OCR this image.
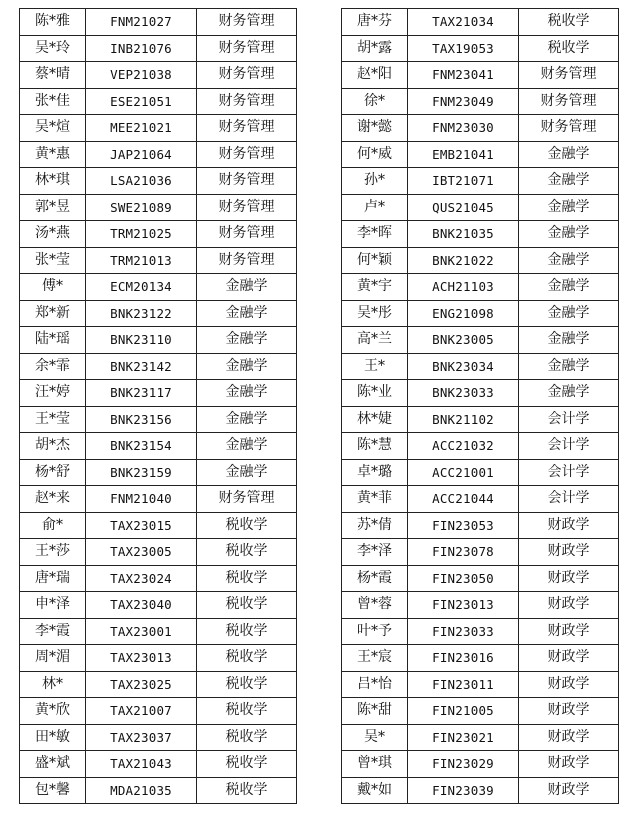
陈*雅	FNM21027	财务管理
吴*玲	INB21076	财务管理
蔡*晴	VEP21038	财务管理
张*佳	ESE21051	财务管理
吴*煊	MEE21021	财务管理
黄*惠	JAP21064	财务管理
林*琪	LSA21036	财务管理
郭*昱	SWE21089	财务管理
汤*燕	TRM21025	财务管理
张*莹	TRM21013	财务管理
傅*	ECM20134	金融学
郑*新	BNK23122	金融学
陆*瑶	BNK23110	金融学
余*霏	BNK23142	金融学
汪*婷	BNK23117	金融学
王*莹	BNK23156	金融学
胡*杰	BNK23154	金融学
杨*舒	BNK23159	金融学
赵*来	FNM21040	财务管理
俞*	TAX23015	税收学
王*莎	TAX23005	税收学
唐*瑞	TAX23024	税收学
申*泽	TAX23040	税收学
李*霞	TAX23001	税收学
周*湄	TAX23013	税收学
林*	TAX23025	税收学
黄*欣	TAX21007	税收学
田*敏	TAX23037	税收学
盛*斌	TAX21043	税收学
包*馨	MDA21035	税收学
唐*芬	TAX21034	税收学
胡*露	TAX19053	税收学
赵*阳	FNM23041	财务管理
徐*	FNM23049	财务管理
谢*懿	FNM23030	财务管理
何*威	EMB21041	金融学
孙*	IBT21071	金融学
卢*	QUS21045	金融学
李*晖	BNK21035	金融学
何*颖	BNK21022	金融学
黄*宇	ACH21103	金融学
吴*彤	ENG21098	金融学
高*兰	BNK23005	金融学
王*	BNK23034	金融学
陈*业	BNK23033	金融学
林*婕	BNK21102	会计学
陈*慧	ACC21032	会计学
卓*璐	ACC21001	会计学
黄*菲	ACC21044	会计学
苏*倩	FIN23053	财政学
李*泽	FIN23078	财政学
杨*霞	FIN23050	财政学
曾*蓉	FIN23013	财政学
叶*予	FIN23033	财政学
王*宸	FIN23016	财政学
吕*怡	FIN23011	财政学
陈*甜	FIN21005	财政学
吴*	FIN23021	财政学
曾*琪	FIN23029	财政学
戴*如	FIN23039	财政学
